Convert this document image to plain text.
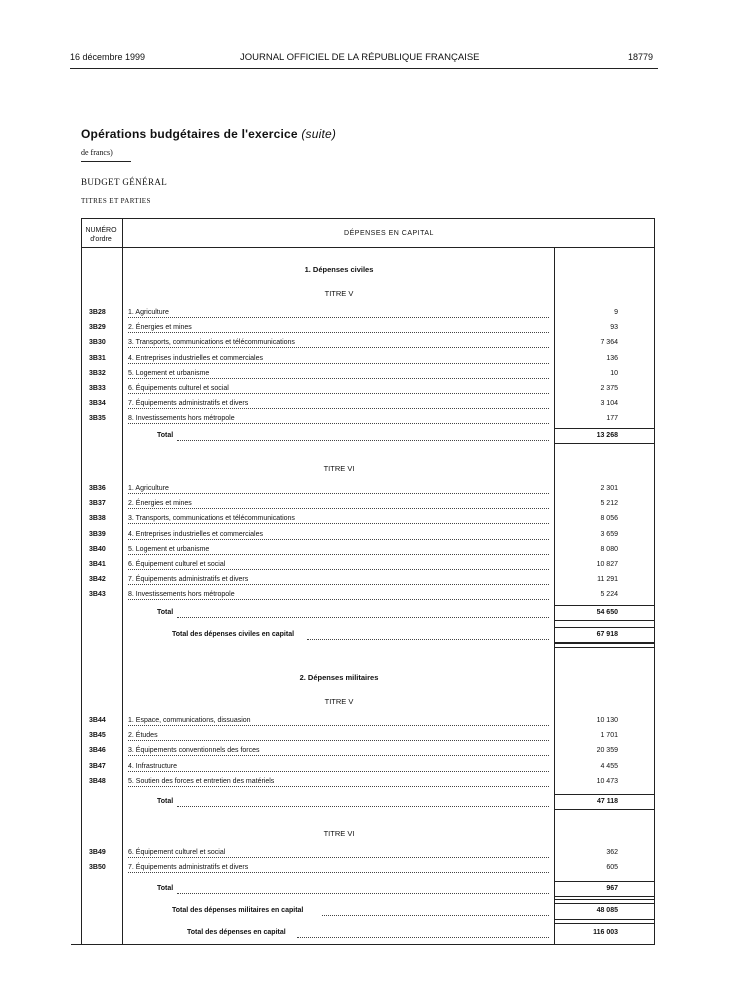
16 décembre 1999	JOURNAL OFFICIEL DE LA RÉPUBLIQUE FRANÇAISE	18779
Opérations budgétaires de l'exercice (suite)
de francs)
BUDGET GÉNÉRAL
TITRES ET PARTIES
NUMÉRO
d'ordre
DÉPENSES EN CAPITAL
1. Dépenses civiles
TITRE V
3B28	1. Agriculture	9
3B29	2. Énergies et mines	93
3B30	3. Transports, communications et télécommunications	7 364
3B31	4. Entreprises industrielles et commerciales	136
3B32	5. Logement et urbanisme	10
3B33	6. Équipements culturel et social	2 375
3B34	7. Équipements administratifs et divers	3 104
3B35	8. Investissements hors métropole	177
Total	13 268
TITRE VI
3B36	1. Agriculture	2 301
3B37	2. Énergies et mines	5 212
3B38	3. Transports, communications et télécommunications	8 056
3B39	4. Entreprises industrielles et commerciales	3 659
3B40	5. Logement et urbanisme	8 080
3B41	6. Équipement culturel et social	10 827
3B42	7. Équipements administratifs et divers	11 291
3B43	8. Investissements hors métropole	5 224
Total	54 650
Total des dépenses civiles en capital	67 918
2. Dépenses militaires
TITRE V
3B44	1. Espace, communications, dissuasion	10 130
3B45	2. Études	1 701
3B46	3. Équipements conventionnels des forces	20 359
3B47	4. Infrastructure	4 455
3B48	5. Soutien des forces et entretien des matériels	10 473
Total	47 118
TITRE VI
3B49	6. Équipement culturel et social	362
3B50	7. Équipements administratifs et divers	605
Total	967
Total des dépenses militaires en capital	48 085
Total des dépenses en capital	116 003
